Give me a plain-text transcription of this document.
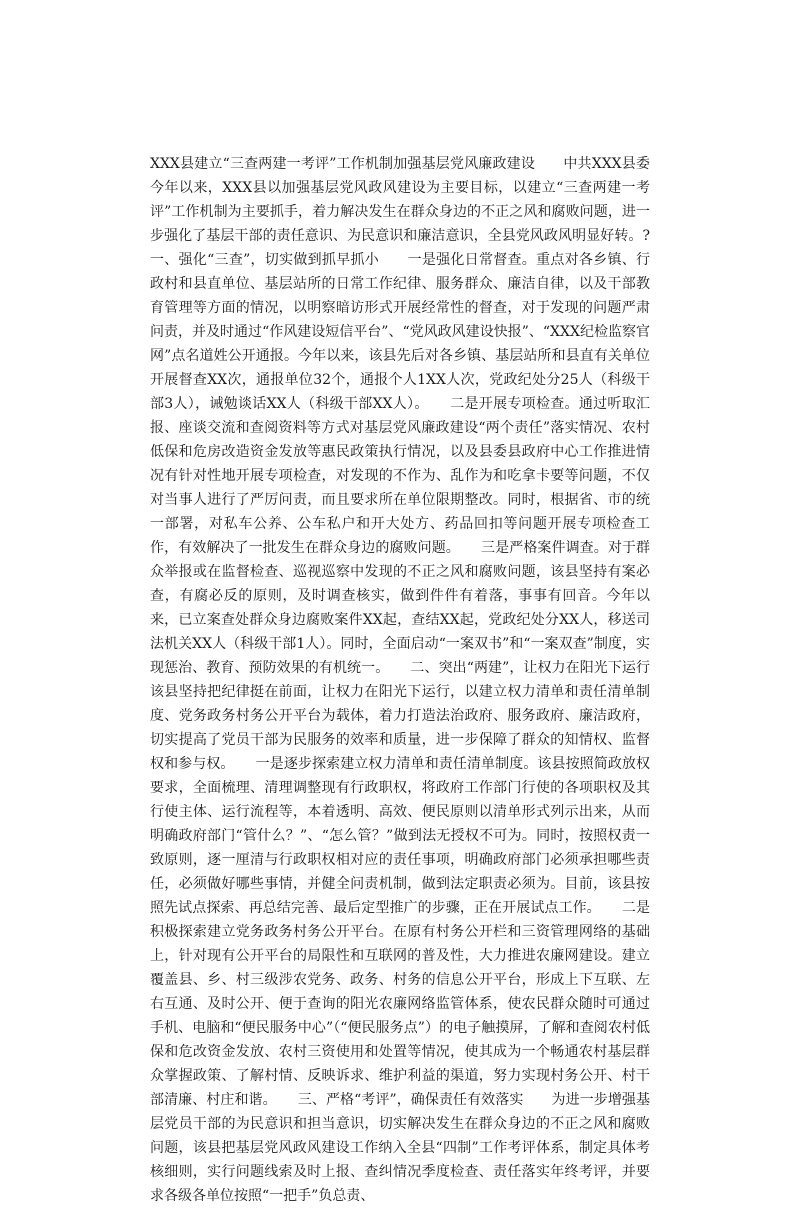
XXX县建立“三查两建一考评”工作机制加强基层党风廉政建设　　中共XXX县委　　今年以来，XXX县以加强基层党风政风建设为主要目标，以建立“三查两建一考评”工作机制为主要抓手，着力解决发生在群众身边的不正之风和腐败问题，进一步强化了基层干部的责任意识、为民意识和廉洁意识，全县党风政风明显好转。?　　一、强化“三查”，切实做到抓早抓小　　一是强化日常督查。重点对各乡镇、行政村和县直单位、基层站所的日常工作纪律、服务群众、廉洁自律，以及干部教育管理等方面的情况，以明察暗访形式开展经常性的督查，对于发现的问题严肃问责，并及时通过“作风建设短信平台”、“党风政风建设快报”、“XXX纪检监察官网”点名道姓公开通报。今年以来，该县先后对各乡镇、基层站所和县直有关单位开展督查XX次，通报单位32个，通报个人1XX人次，党政纪处分25人（科级干部3人），诫勉谈话XX人（科级干部XX人）。　　二是开展专项检查。通过听取汇报、座谈交流和查阅资料等方式对基层党风廉政建设“两个责任”落实情况、农村低保和危房改造资金发放等惠民政策执行情况，以及县委县政府中心工作推进情况有针对性地开展专项检查，对发现的不作为、乱作为和吃拿卡要等问题，不仅对当事人进行了严厉问责，而且要求所在单位限期整改。同时，根据省、市的统一部署，对私车公养、公车私户和开大处方、药品回扣等问题开展专项检查工作，有效解决了一批发生在群众身边的腐败问题。　　三是严格案件调查。对于群众举报或在监督检查、巡视巡察中发现的不正之风和腐败问题，该县坚持有案必查，有腐必反的原则，及时调查核实，做到件件有着落，事事有回音。今年以来，已立案查处群众身边腐败案件XX起，查结XX起，党政纪处分XX人，移送司法机关XX人（科级干部1人）。同时，全面启动“一案双书”和“一案双查”制度，实现惩治、教育、预防效果的有机统一。　　二、突出“两建”，让权力在阳光下运行　　该县坚持把纪律挺在前面，让权力在阳光下运行，以建立权力清单和责任清单制度、党务政务村务公开平台为载体，着力打造法治政府、服务政府、廉洁政府，切实提高了党员干部为民服务的效率和质量，进一步保障了群众的知情权、监督权和参与权。　　一是逐步探索建立权力清单和责任清单制度。该县按照简政放权要求，全面梳理、清理调整现有行政职权，将政府工作部门行使的各项职权及其行使主体、运行流程等，本着透明、高效、便民原则以清单形式列示出来，从而明确政府部门“管什么？”、“怎么管？”做到法无授权不可为。同时，按照权责一致原则，逐一厘清与行政职权相对应的责任事项，明确政府部门必须承担哪些责任，必须做好哪些事情，并健全问责机制，做到法定职责必须为。目前，该县按照先试点探索、再总结完善、最后定型推广的步骤，正在开展试点工作。　　二是积极探索建立党务政务村务公开平台。在原有村务公开栏和三资管理网络的基础上，针对现有公开平台的局限性和互联网的普及性，大力推进农廉网建设。建立覆盖县、乡、村三级涉农党务、政务、村务的信息公开平台，形成上下互联、左右互通、及时公开、便于查询的阳光农廉网络监管体系，使农民群众随时可通过手机、电脑和“便民服务中心”（“便民服务点”）的电子触摸屏，了解和查阅农村低保和危改资金发放、农村三资使用和处置等情况，使其成为一个畅通农村基层群众掌握政策、了解村情、反映诉求、维护利益的渠道，努力实现村务公开、村干部清廉、村庄和谐。　　三、严格“考评”，确保责任有效落实　　为进一步增强基层党员干部的为民意识和担当意识，切实解决发生在群众身边的不正之风和腐败问题，该县把基层党风政风建设工作纳入全县“四制”工作考评体系，制定具体考核细则，实行问题线索及时上报、查纠情况季度检查、责任落实年终考评，并要求各级各单位按照“一把手”负总责、
